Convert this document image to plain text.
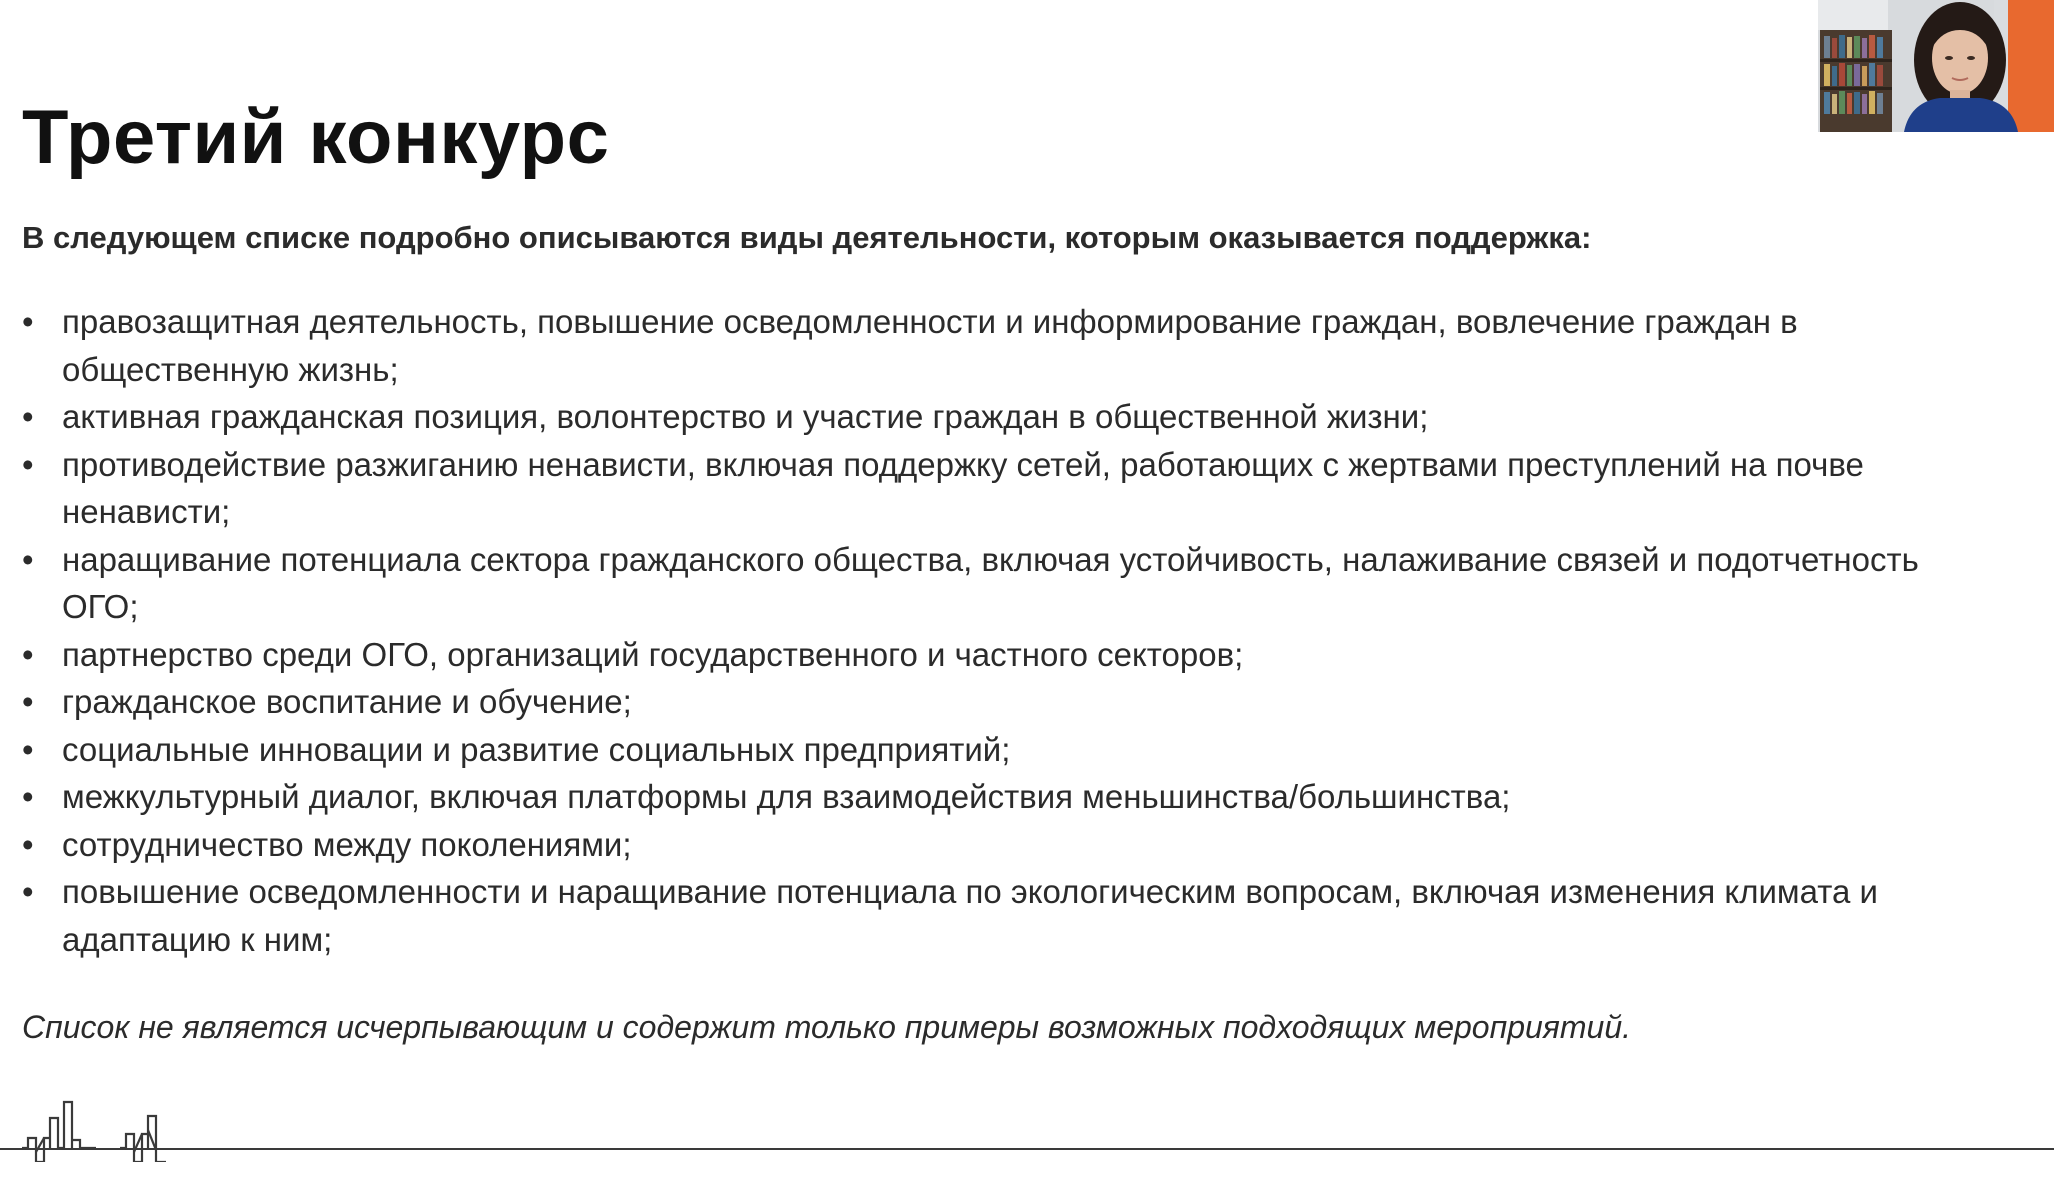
Третий конкурс

В следующем списке подробно описываются виды деятельности, которым оказывается поддержка:

• правозащитная деятельность, повышение осведомленности и информирование граждан, вовлечение граждан в общественную жизнь;
• активная гражданская позиция, волонтерство и участие граждан в общественной жизни;
• противодействие разжиганию ненависти, включая поддержку сетей, работающих с жертвами преступлений на почве ненависти;
• наращивание потенциала сектора гражданского общества, включая устойчивость, налаживание связей и подотчетность ОГО;
• партнерство среди ОГО, организаций государственного и частного секторов;
• гражданское воспитание и обучение;
• социальные инновации и развитие социальных предприятий;
• межкультурный диалог, включая платформы для взаимодействия меньшинства/большинства;
• сотрудничество между поколениями;
• повышение осведомленности и наращивание потенциала по экологическим вопросам, включая изменения климата и адаптацию к ним;

Список не является исчерпывающим и содержит только примеры возможных подходящих мероприятий.
